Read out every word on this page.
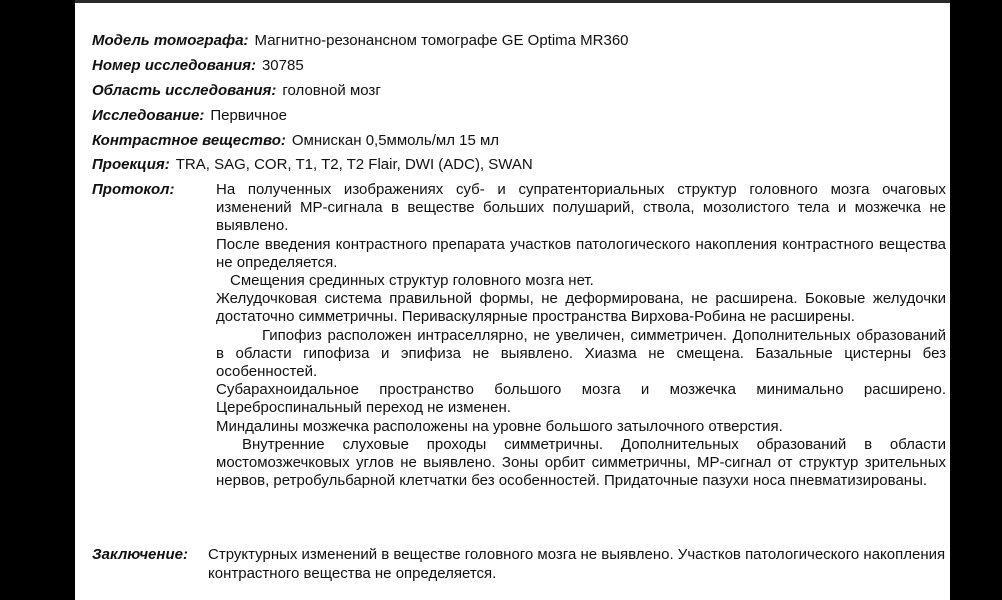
Модель томографа: Магнитно-резонансном томографе GE Optima MR360
Номер исследования: 30785
Область исследования: головной мозг
Исследование: Первичное
Контрастное вещество: Омнискан 0,5ммоль/мл 15 мл
Проекция: TRA, SAG, COR, T1, T2, T2 Flair, DWI (ADC), SWAN
Протокол:	На полученных изображениях суб- и супратенториальных структур головного мозга очаговых изменений МР-сигнала в веществе больших полушарий, ствола, мозолистого тела и мозжечка не выявлено.

После введения контрастного препарата участков патологического накопления контрастного вещества не определяется.

Смещения срединных структур головного мозга нет.

Желудочковая система правильной формы, не деформирована, не расширена. Боковые желудочки достаточно симметричны. Периваскулярные пространства Вирхова-Робина не расширены.

Гипофиз расположен интраселлярно, не увеличен, симметричен. Дополнительных образований в области гипофиза и эпифиза не выявлено. Хиазма не смещена. Базальные цистерны без особенностей.

Субарахноидальное пространство большого мозга и мозжечка минимально расширено. Цереброспинальный переход не изменен.

Миндалины мозжечка расположены на уровне большого затылочного отверстия.

Внутренние слуховые проходы симметричны. Дополнительных образований в области мостомозжечковых углов не выявлено. Зоны орбит симметричны, МР-сигнал от структур зрительных нервов, ретробульбарной клетчатки без особенностей. Придаточные пазухи носа пневматизированы.

Заключение: Структурных изменений в веществе головного мозга не выявлено. Участков патологического накопления контрастного вещества не определяется.
